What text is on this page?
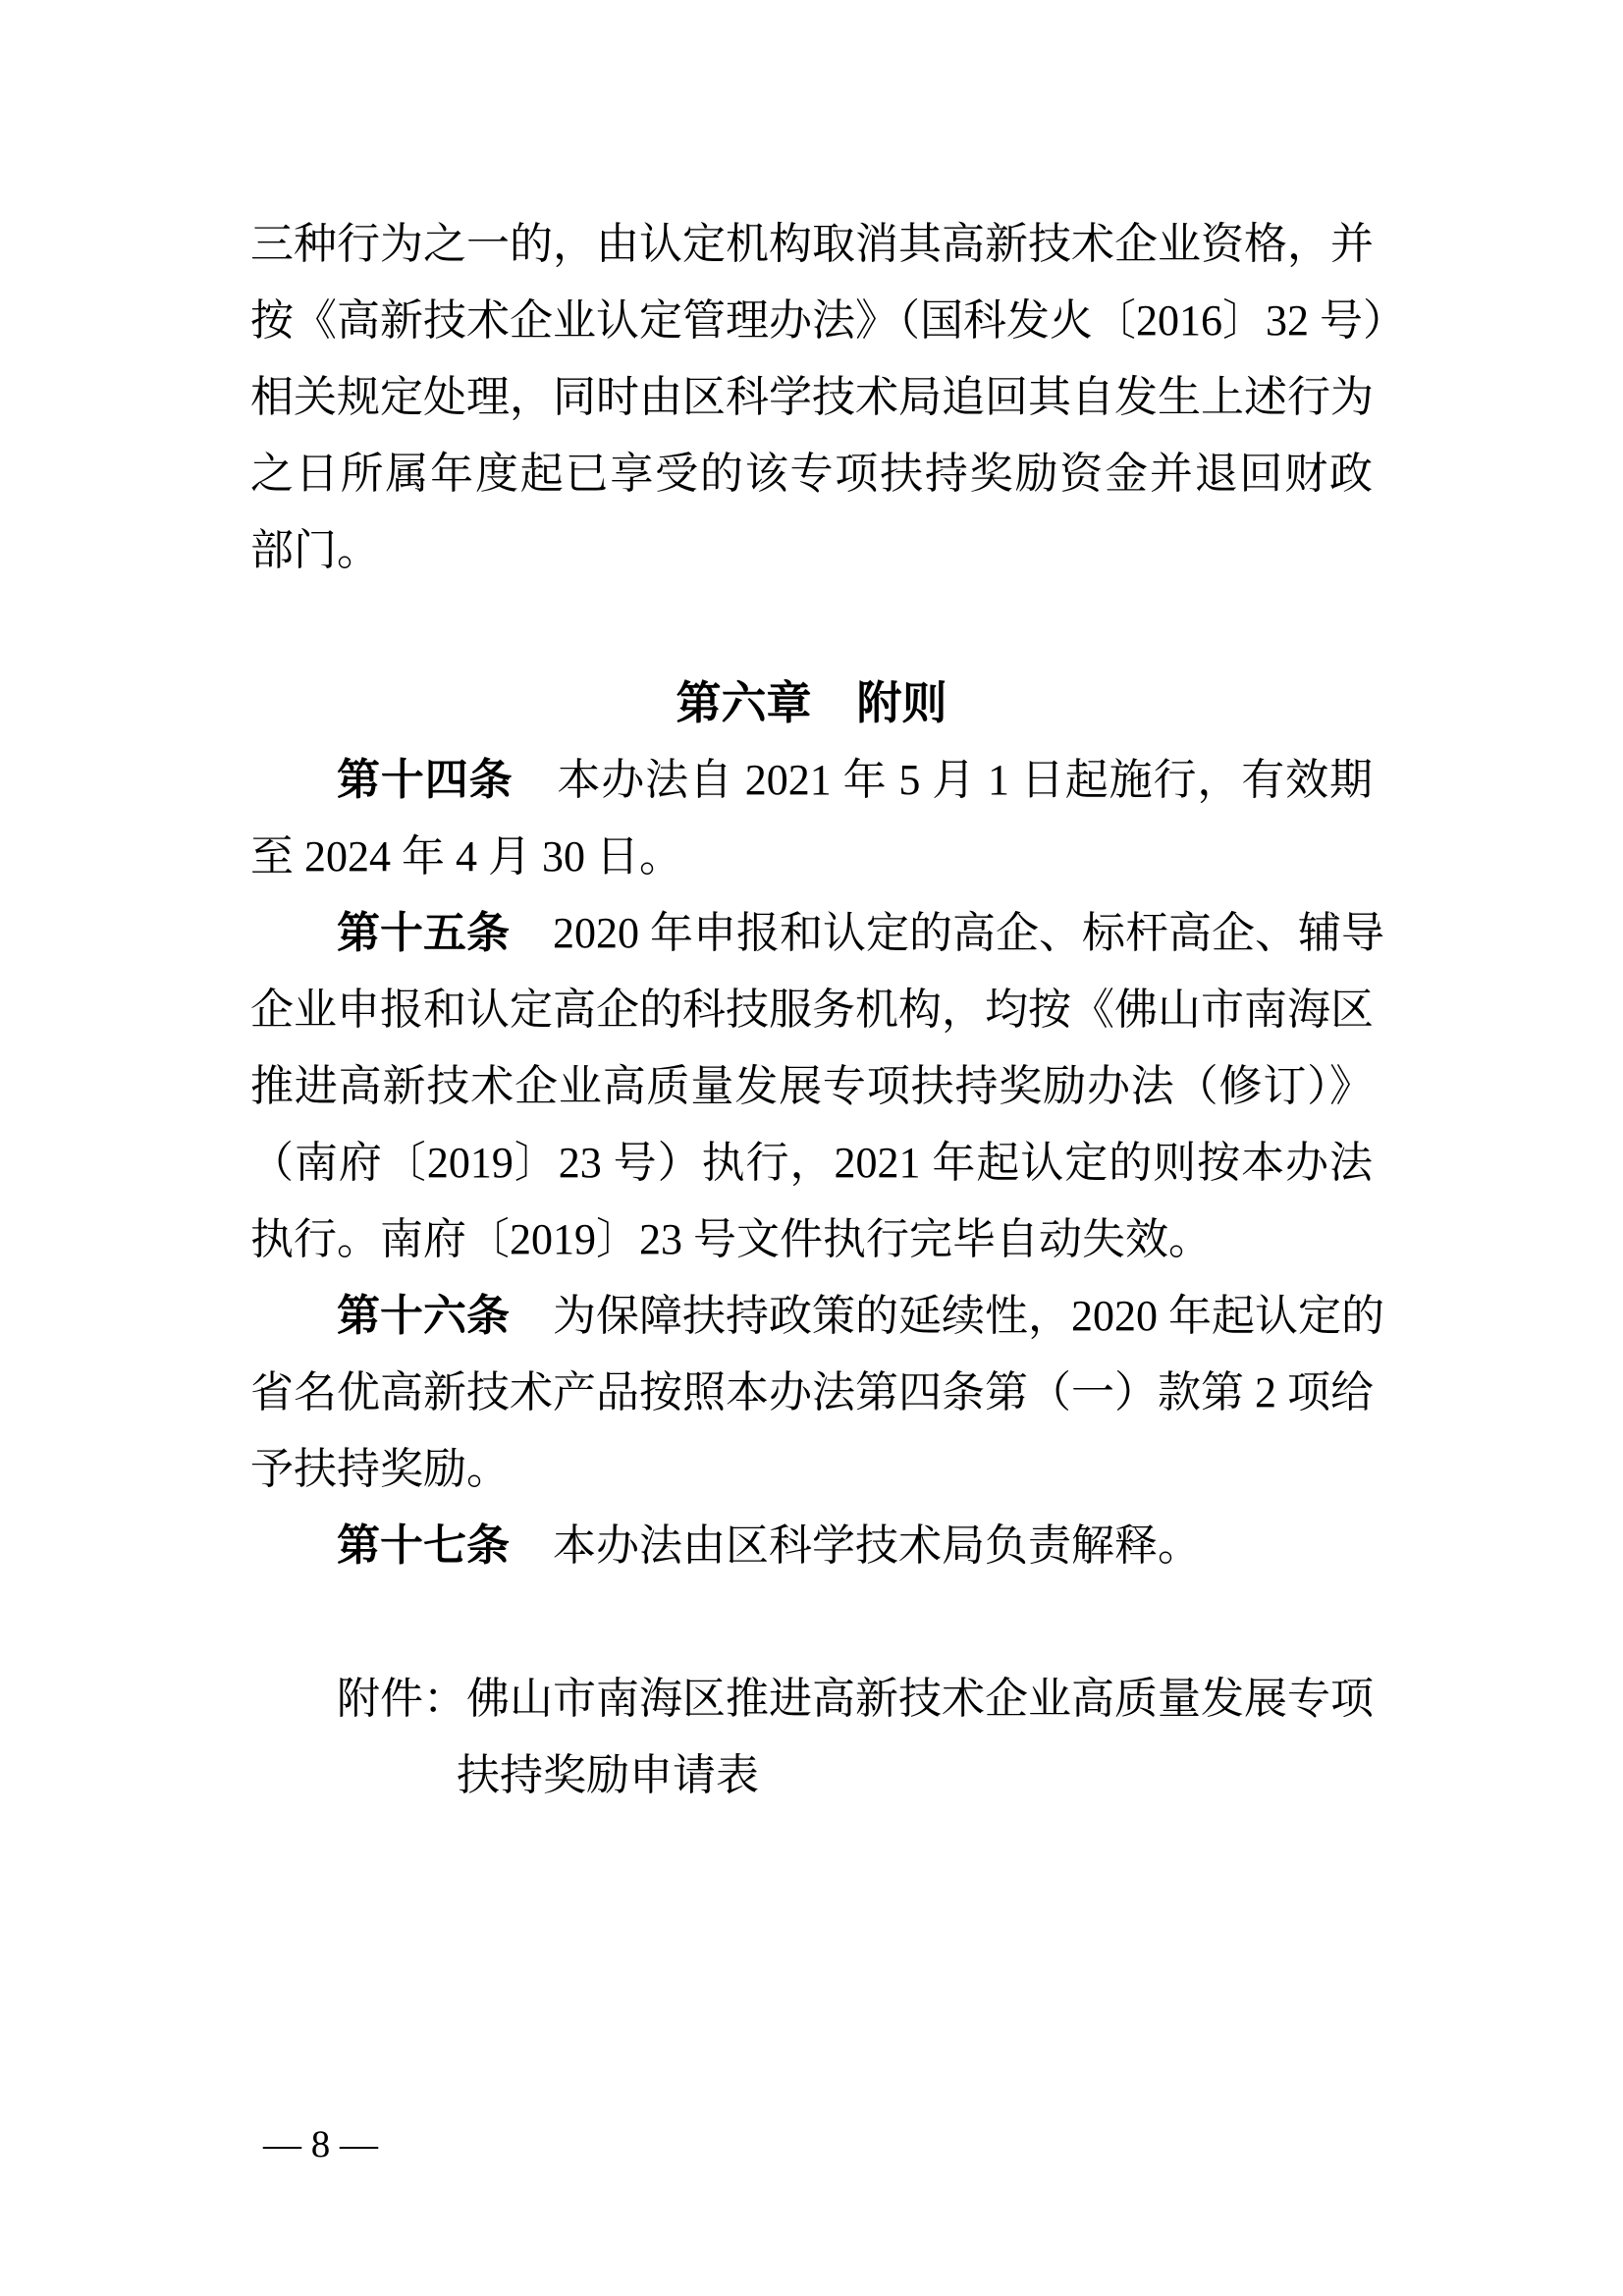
三种行为之一的，由认定机构取消其高新技术企业资格，并
按《高新技术企业认定管理办法》（国科发火〔2016〕32 号）
相关规定处理，同时由区科学技术局追回其自发生上述行为
之日所属年度起已享受的该专项扶持奖励资金并退回财政
部门。
第六章　附则
第十四条　本办法自 2021 年 5 月 1 日起施行，有效期
至 2024 年 4 月 30 日。
第十五条　2020 年申报和认定的高企、标杆高企、辅导
企业申报和认定高企的科技服务机构，均按《佛山市南海区
推进高新技术企业高质量发展专项扶持奖励办法（修订）》
（南府〔2019〕23 号）执行，2021 年起认定的则按本办法
执行。南府〔2019〕23 号文件执行完毕自动失效。
第十六条　为保障扶持政策的延续性，2020 年起认定的
省名优高新技术产品按照本办法第四条第（一）款第 2 项给
予扶持奖励。
第十七条　本办法由区科学技术局负责解释。
附件：佛山市南海区推进高新技术企业高质量发展专项
扶持奖励申请表
— 8 —
